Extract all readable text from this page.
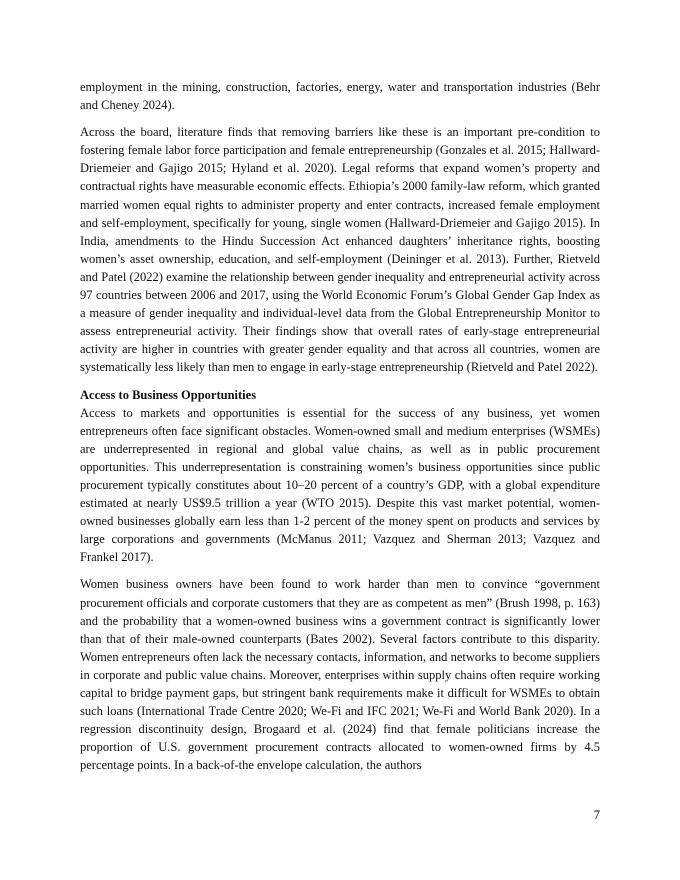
employment in the mining, construction, factories, energy, water and transportation industries (Behr and Cheney 2024).

Across the board, literature finds that removing barriers like these is an important pre-condition to fostering female labor force participation and female entrepreneurship (Gonzales et al. 2015; Hallward-Driemeier and Gajigo 2015; Hyland et al. 2020). Legal reforms that expand women’s property and contractual rights have measurable economic effects. Ethiopia’s 2000 family-law reform, which granted married women equal rights to administer property and enter contracts, increased female employment and self-employment, specifically for young, single women (Hallward-Driemeier and Gajigo 2015). In India, amendments to the Hindu Succession Act enhanced daughters’ inheritance rights, boosting women’s asset ownership, education, and self-employment (Deininger et al. 2013). Further, Rietveld and Patel (2022) examine the relationship between gender inequality and entrepreneurial activity across 97 countries between 2006 and 2017, using the World Economic Forum’s Global Gender Gap Index as a measure of gender inequality and individual-level data from the Global Entrepreneurship Monitor to assess entrepreneurial activity. Their findings show that overall rates of early-stage entrepreneurial activity are higher in countries with greater gender equality and that across all countries, women are systematically less likely than men to engage in early-stage entrepreneurship (Rietveld and Patel 2022).

Access to Business Opportunities

Access to markets and opportunities is essential for the success of any business, yet women entrepreneurs often face significant obstacles. Women-owned small and medium enterprises (WSMEs) are underrepresented in regional and global value chains, as well as in public procurement opportunities. This underrepresentation is constraining women’s business opportunities since public procurement typically constitutes about 10–20 percent of a country’s GDP, with a global expenditure estimated at nearly US$9.5 trillion a year (WTO 2015). Despite this vast market potential, women-owned businesses globally earn less than 1-2 percent of the money spent on products and services by large corporations and governments (McManus 2011; Vazquez and Sherman 2013; Vazquez and Frankel 2017).

Women business owners have been found to work harder than men to convince “government procurement officials and corporate customers that they are as competent as men” (Brush 1998, p. 163) and the probability that a women-owned business wins a government contract is significantly lower than that of their male-owned counterparts (Bates 2002). Several factors contribute to this disparity. Women entrepreneurs often lack the necessary contacts, information, and networks to become suppliers in corporate and public value chains. Moreover, enterprises within supply chains often require working capital to bridge payment gaps, but stringent bank requirements make it difficult for WSMEs to obtain such loans (International Trade Centre 2020; We-Fi and IFC 2021; We-Fi and World Bank 2020). In a regression discontinuity design, Brogaard et al. (2024) find that female politicians increase the proportion of U.S. government procurement contracts allocated to women-owned firms by 4.5 percentage points. In a back-of-the envelope calculation, the authors

7
